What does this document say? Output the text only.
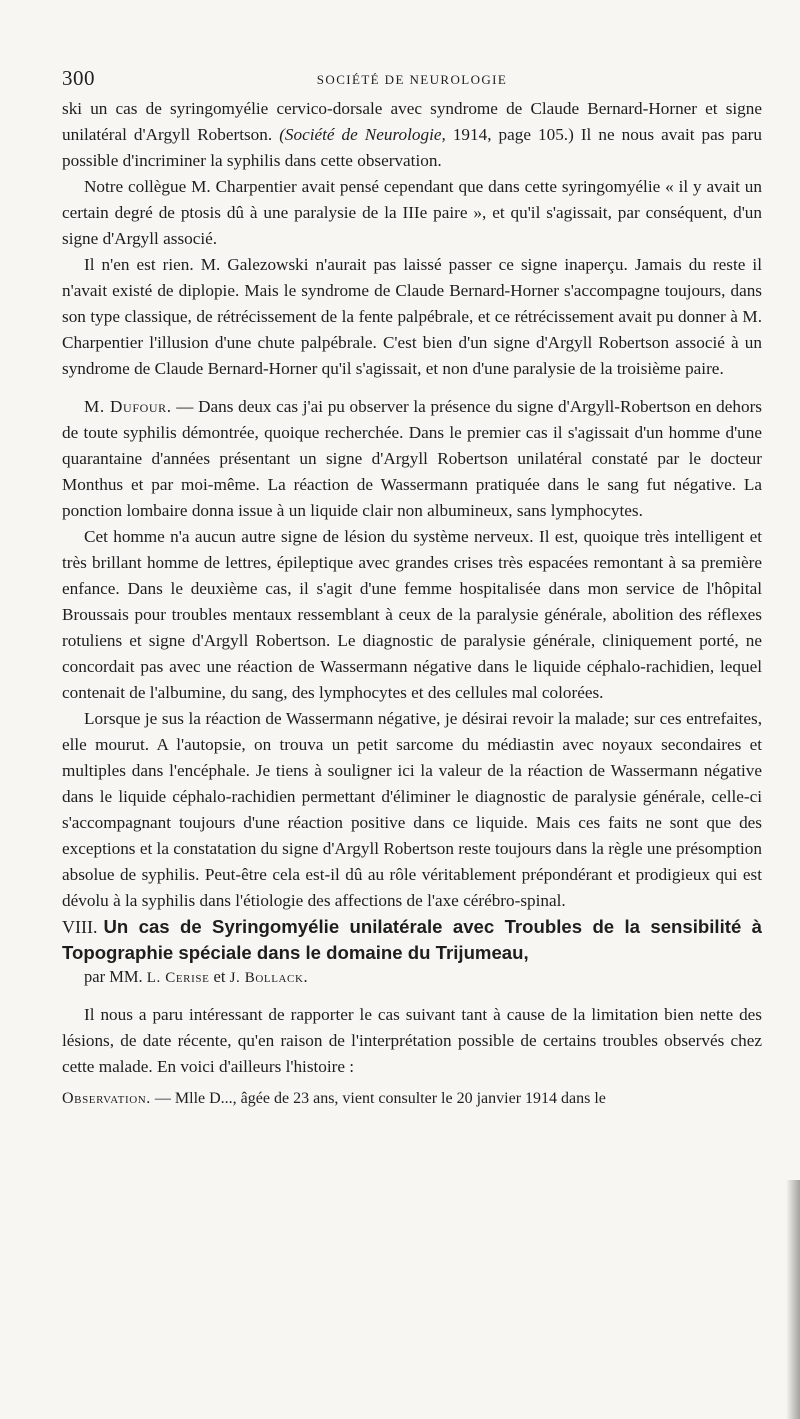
300	SOCIÉTÉ DE NEUROLOGIE

ski un cas de syringomyélie cervico-dorsale avec syndrome de Claude Bernard-Horner et signe unilatéral d'Argyll Robertson. (Société de Neurologie, 1914, page 105.) Il ne nous avait pas paru possible d'incriminer la syphilis dans cette observation.

Notre collègue M. Charpentier avait pensé cependant que dans cette syringomyélie « il y avait un certain degré de ptosis dû à une paralysie de la IIIe paire », et qu'il s'agissait, par conséquent, d'un signe d'Argyll associé.

Il n'en est rien. M. Galezowski n'aurait pas laissé passer ce signe inaperçu. Jamais du reste il n'avait existé de diplopie. Mais le syndrome de Claude Bernard-Horner s'accompagne toujours, dans son type classique, de rétrécissement de la fente palpébrale, et ce rétrécissement avait pu donner à M. Charpentier l'illusion d'une chute palpébrale. C'est bien d'un signe d'Argyll Robertson associé à un syndrome de Claude Bernard-Horner qu'il s'agissait, et non d'une paralysie de la troisième paire.

M. Dufour. — Dans deux cas j'ai pu observer la présence du signe d'Argyll-Robertson en dehors de toute syphilis démontrée, quoique recherchée. Dans le premier cas il s'agissait d'un homme d'une quarantaine d'années présentant un signe d'Argyll Robertson unilatéral constaté par le docteur Monthus et par moi-même. La réaction de Wassermann pratiquée dans le sang fut négative. La ponction lombaire donna issue à un liquide clair non albumineux, sans lymphocytes.

Cet homme n'a aucun autre signe de lésion du système nerveux. Il est, quoique très intelligent et très brillant homme de lettres, épileptique avec grandes crises très espacées remontant à sa première enfance. Dans le deuxième cas, il s'agit d'une femme hospitalisée dans mon service de l'hôpital Broussais pour troubles mentaux ressemblant à ceux de la paralysie générale, abolition des réflexes rotuliens et signe d'Argyll Robertson. Le diagnostic de paralysie générale, cliniquement porté, ne concordait pas avec une réaction de Wassermann négative dans le liquide céphalo-rachidien, lequel contenait de l'albumine, du sang, des lymphocytes et des cellules mal colorées.

Lorsque je sus la réaction de Wassermann négative, je désirai revoir la malade; sur ces entrefaites, elle mourut. A l'autopsie, on trouva un petit sarcome du médiastin avec noyaux secondaires et multiples dans l'encéphale. Je tiens à souligner ici la valeur de la réaction de Wassermann négative dans le liquide céphalo-rachidien permettant d'éliminer le diagnostic de paralysie générale, celle-ci s'accompagnant toujours d'une réaction positive dans ce liquide. Mais ces faits ne sont que des exceptions et la constatation du signe d'Argyll Robertson reste toujours dans la règle une présomption absolue de syphilis. Peut-être cela est-il dû au rôle véritablement prépondérant et prodigieux qui est dévolu à la syphilis dans l'étiologie des affections de l'axe cérébro-spinal.

VIII. Un cas de Syringomyélie unilatérale avec Troubles de la sensibilité à Topographie spéciale dans le domaine du Trijumeau,

par MM. L. Cerise et J. Bollack.

Il nous a paru intéressant de rapporter le cas suivant tant à cause de la limitation bien nette des lésions, de date récente, qu'en raison de l'interprétation possible de certains troubles observés chez cette malade. En voici d'ailleurs l'histoire :

Observation. — Mlle D..., âgée de 23 ans, vient consulter le 20 janvier 1914 dans le
